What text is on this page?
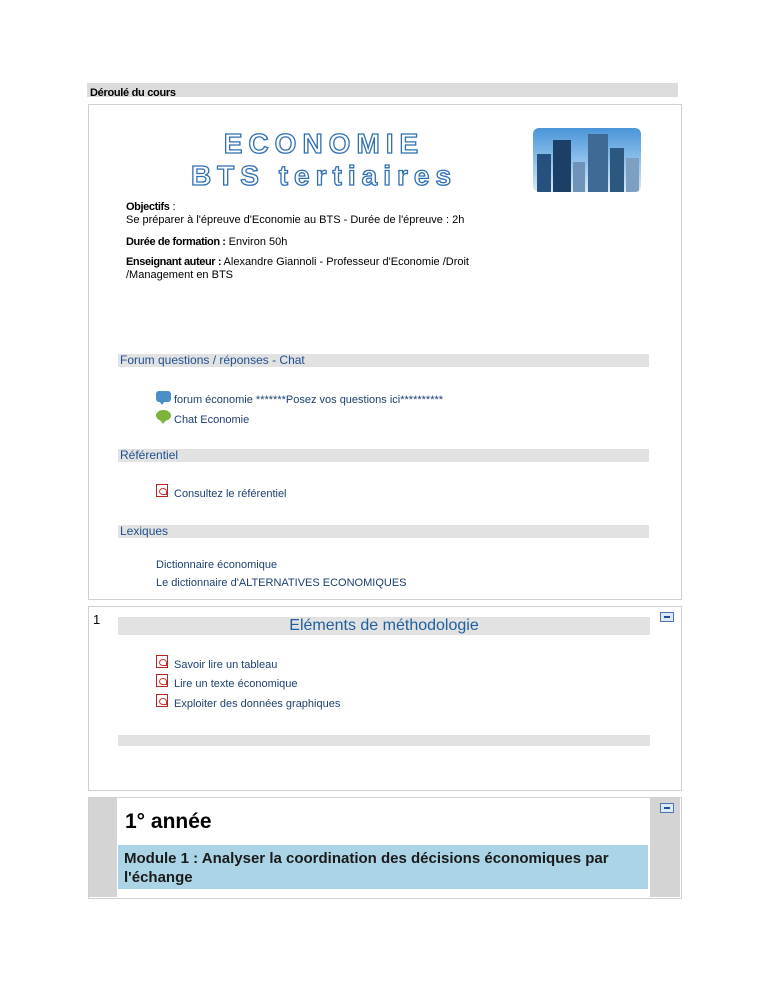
Déroulé du cours
ECONOMIE
BTS tertiaires
Objectifs :
Se préparer à l'épreuve d'Economie au BTS - Durée de l'épreuve : 2h
Durée de formation : Environ 50h
Enseignant auteur : Alexandre Giannoli - Professeur d'Economie /Droit
/Management en BTS
Forum questions / réponses - Chat
forum économie *******Posez vos questions ici**********
Chat Economie
Référentiel
Consultez le référentiel
Lexiques
Dictionnaire économique
Le dictionnaire d'ALTERNATIVES ECONOMIQUES
1	Eléments de méthodologie
Savoir lire un tableau
Lire un texte économique
Exploiter des données graphiques
1° année
Module 1 : Analyser la coordination des décisions économiques par l'échange
